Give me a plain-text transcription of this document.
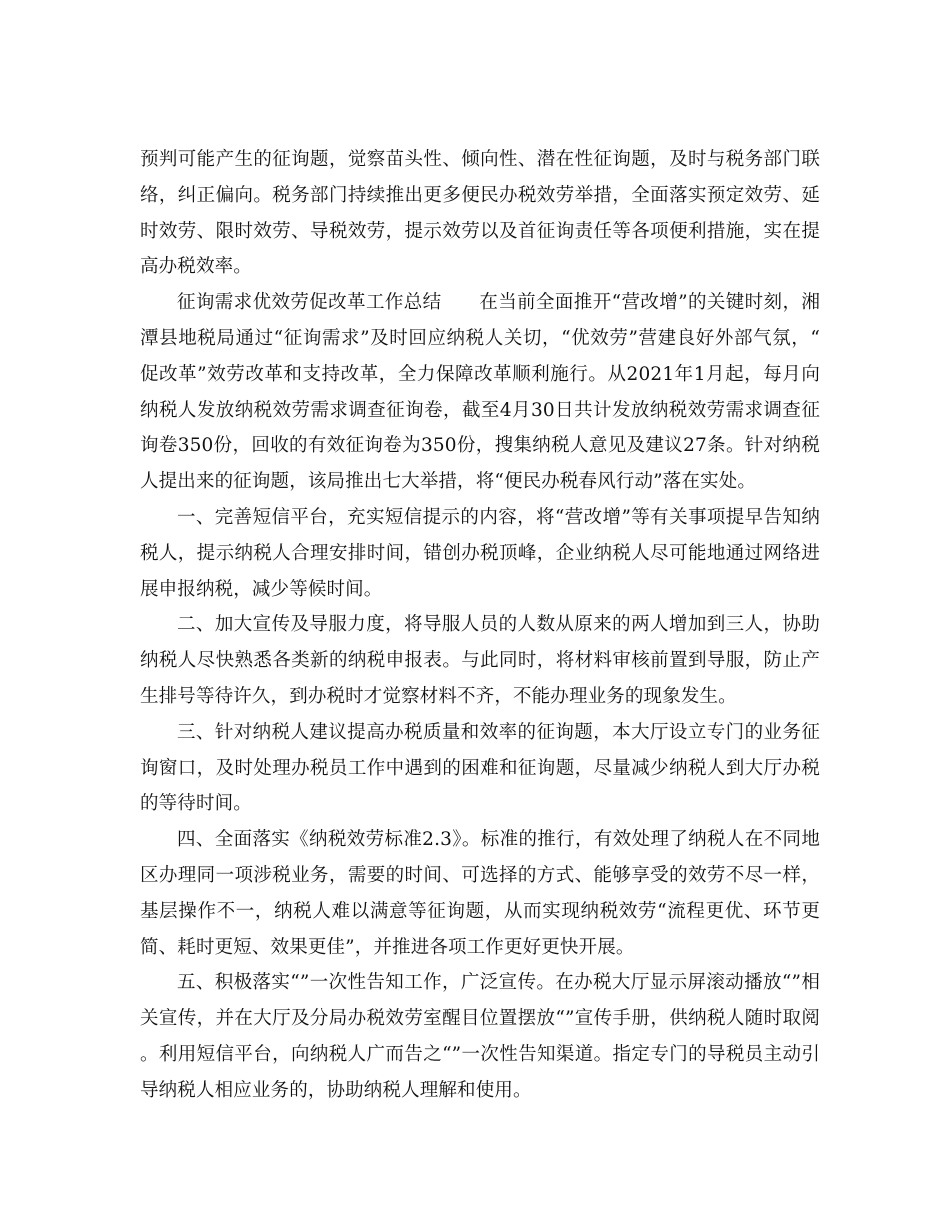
预判可能产生的征询题，觉察苗头性、倾向性、潜在性征询题，及时与税务部门联络，纠正偏向。税务部门持续推出更多便民办税效劳举措，全面落实预定效劳、延时效劳、限时效劳、导税效劳，提示效劳以及首征询责任等各项便利措施，实在提高办税效率。

征询需求优效劳促改革工作总结　　在当前全面推开“营改增”的关键时刻，湘潭县地税局通过“征询需求”及时回应纳税人关切，“优效劳”营建良好外部气氛，“促改革”效劳改革和支持改革，全力保障改革顺利施行。从2021年1月起，每月向纳税人发放纳税效劳需求调查征询卷，截至4月30日共计发放纳税效劳需求调查征询卷350份，回收的有效征询卷为350份，搜集纳税人意见及建议27条。针对纳税人提出来的征询题，该局推出七大举措，将“便民办税春风行动”落在实处。

一、完善短信平台，充实短信提示的内容，将“营改增”等有关事项提早告知纳税人，提示纳税人合理安排时间，错创办税顶峰，企业纳税人尽可能地通过网络进展申报纳税，减少等候时间。

二、加大宣传及导服力度，将导服人员的人数从原来的两人增加到三人，协助纳税人尽快熟悉各类新的纳税申报表。与此同时，将材料审核前置到导服，防止产生排号等待许久，到办税时才觉察材料不齐，不能办理业务的现象发生。

三、针对纳税人建议提高办税质量和效率的征询题，本大厅设立专门的业务征询窗口，及时处理办税员工作中遇到的困难和征询题，尽量减少纳税人到大厅办税的等待时间。

四、全面落实《纳税效劳标准2.3》。标准的推行，有效处理了纳税人在不同地区办理同一项涉税业务，需要的时间、可选择的方式、能够享受的效劳不尽一样，基层操作不一，纳税人难以满意等征询题，从而实现纳税效劳“流程更优、环节更简、耗时更短、效果更佳”，并推进各项工作更好更快开展。

五、积极落实“”一次性告知工作，广泛宣传。在办税大厅显示屏滚动播放“”相关宣传，并在大厅及分局办税效劳室醒目位置摆放“”宣传手册，供纳税人随时取阅。利用短信平台，向纳税人广而告之“”一次性告知渠道。指定专门的导税员主动引导纳税人相应业务的，协助纳税人理解和使用。
